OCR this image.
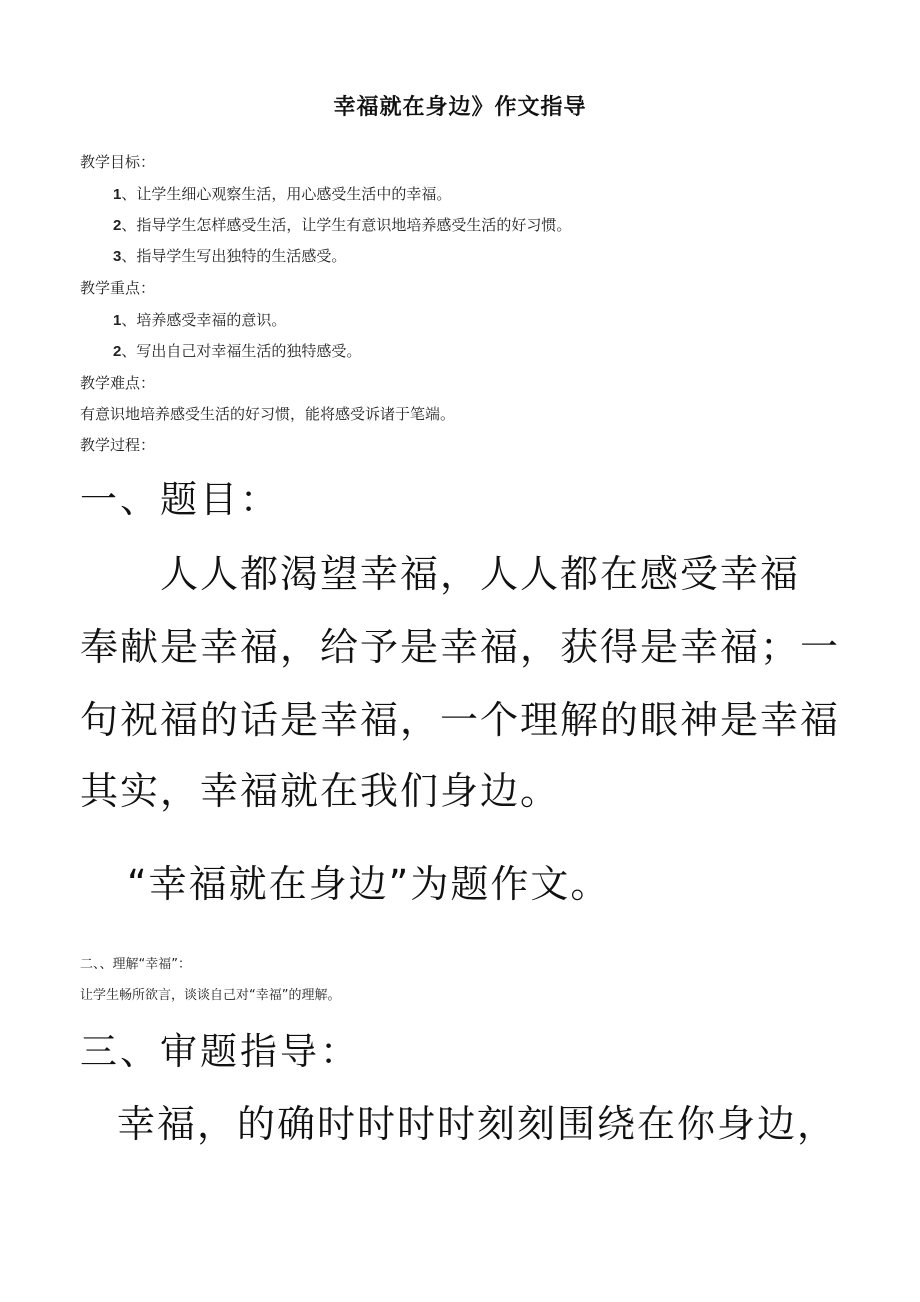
幸福就在身边》作文指导

教学目标：

1、让学生细心观察生活，用心感受生活中的幸福。

2、指导学生怎样感受生活，让学生有意识地培养感受生活的好习惯。

3、指导学生写出独特的生活感受。

教学重点：

1、培养感受幸福的意识。

2、写出自己对幸福生活的独特感受。

教学难点：

有意识地培养感受生活的好习惯，能将感受诉诸于笔端。

教学过程：

一、题目：

人人都渴望幸福，人人都在感受幸福

奉献是幸福，给予是幸福，获得是幸福；一

句祝福的话是幸福，一个理解的眼神是幸福

其实，幸福就在我们身边。

“幸福就在身边”为题作文。

二、、理解“幸福”：

让学生畅所欲言，谈谈自己对“幸福”的理解。

三、审题指导：

幸福，的确时时时时刻刻围绕在你身边，
